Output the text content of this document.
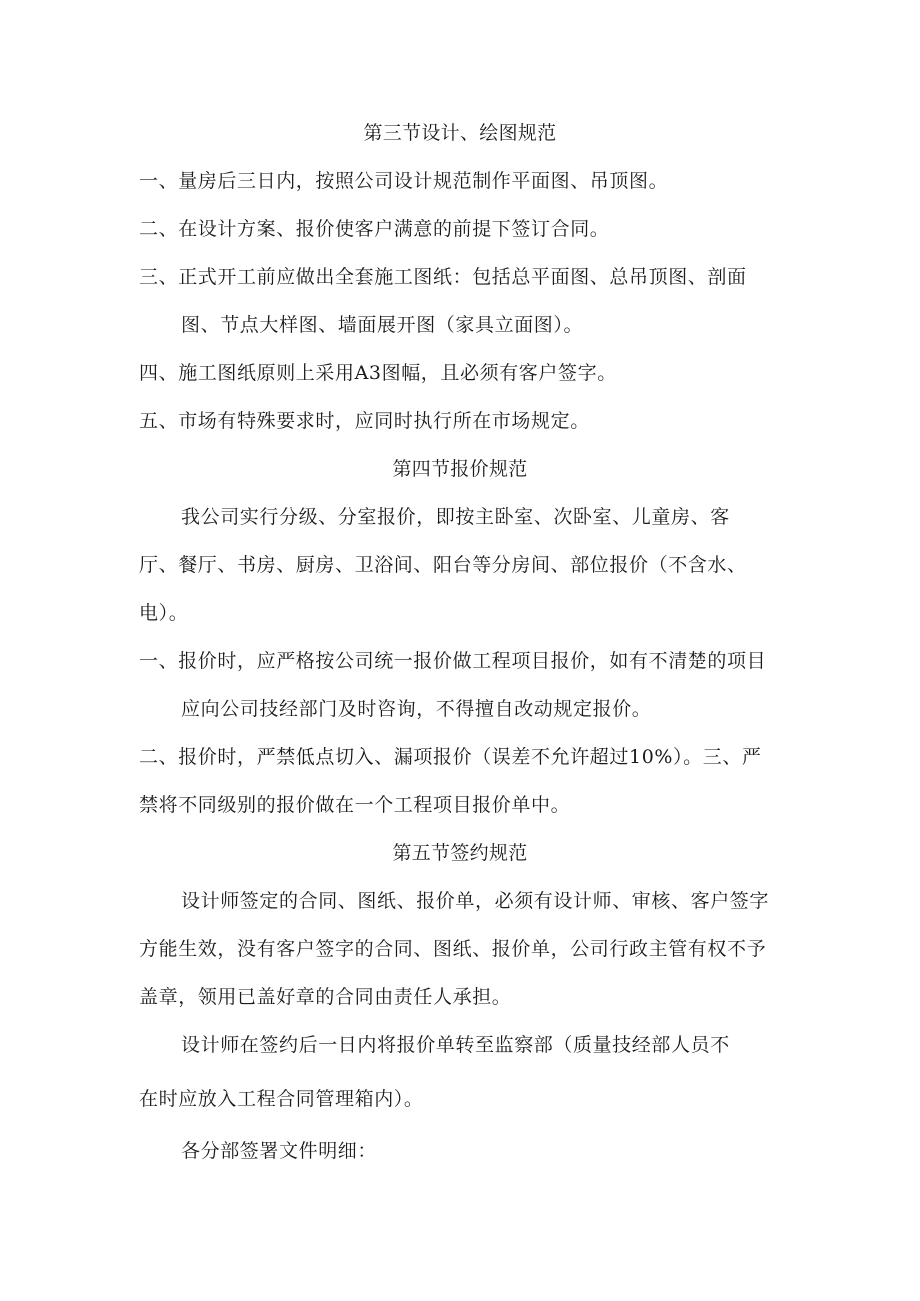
第三节设计、绘图规范
一、量房后三日内，按照公司设计规范制作平面图、吊顶图。
二、在设计方案、报价使客户满意的前提下签订合同。
三、正式开工前应做出全套施工图纸：包括总平面图、总吊顶图、剖面
图、节点大样图、墙面展开图（家具立面图）。
四、施工图纸原则上采用A3图幅，且必须有客户签字。
五、市场有特殊要求时，应同时执行所在市场规定。
第四节报价规范
我公司实行分级、分室报价，即按主卧室、次卧室、儿童房、客
厅、餐厅、书房、厨房、卫浴间、阳台等分房间、部位报价（不含水、
电）。
一、报价时，应严格按公司统一报价做工程项目报价，如有不清楚的项目
应向公司技经部门及时咨询，不得擅自改动规定报价。
二、报价时，严禁低点切入、漏项报价（误差不允许超过10%）。三、严
禁将不同级别的报价做在一个工程项目报价单中。
第五节签约规范
设计师签定的合同、图纸、报价单，必须有设计师、审核、客户签字
方能生效，没有客户签字的合同、图纸、报价单，公司行政主管有权不予
盖章，领用已盖好章的合同由责任人承担。
设计师在签约后一日内将报价单转至监察部（质量技经部人员不
在时应放入工程合同管理箱内）。
各分部签署文件明细：
